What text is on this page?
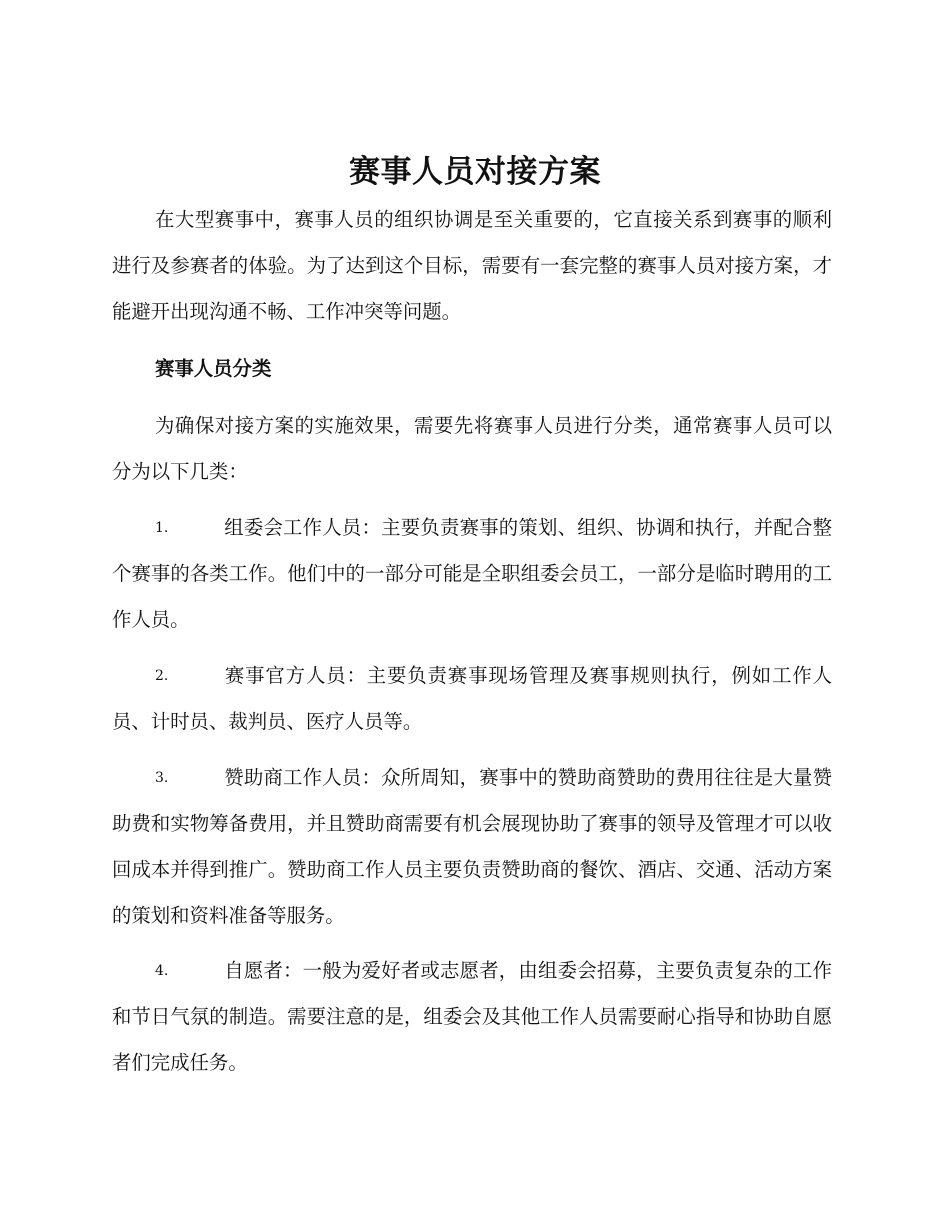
赛事人员对接方案
在大型赛事中，赛事人员的组织协调是至关重要的，它直接关系到赛事的顺利进行及参赛者的体验。为了达到这个目标，需要有一套完整的赛事人员对接方案，才能避开出现沟通不畅、工作冲突等问题。
赛事人员分类
为确保对接方案的实施效果，需要先将赛事人员进行分类，通常赛事人员可以分为以下几类：
1.	组委会工作人员：主要负责赛事的策划、组织、协调和执行，并配合整个赛事的各类工作。他们中的一部分可能是全职组委会员工，一部分是临时聘用的工作人员。
2.	赛事官方人员：主要负责赛事现场管理及赛事规则执行，例如工作人员、计时员、裁判员、医疗人员等。
3.	赞助商工作人员：众所周知，赛事中的赞助商赞助的费用往往是大量赞助费和实物筹备费用，并且赞助商需要有机会展现协助了赛事的领导及管理才可以收回成本并得到推广。赞助商工作人员主要负责赞助商的餐饮、酒店、交通、活动方案的策划和资料准备等服务。
4.	自愿者：一般为爱好者或志愿者，由组委会招募，主要负责复杂的工作和节日气氛的制造。需要注意的是，组委会及其他工作人员需要耐心指导和协助自愿者们完成任务。
